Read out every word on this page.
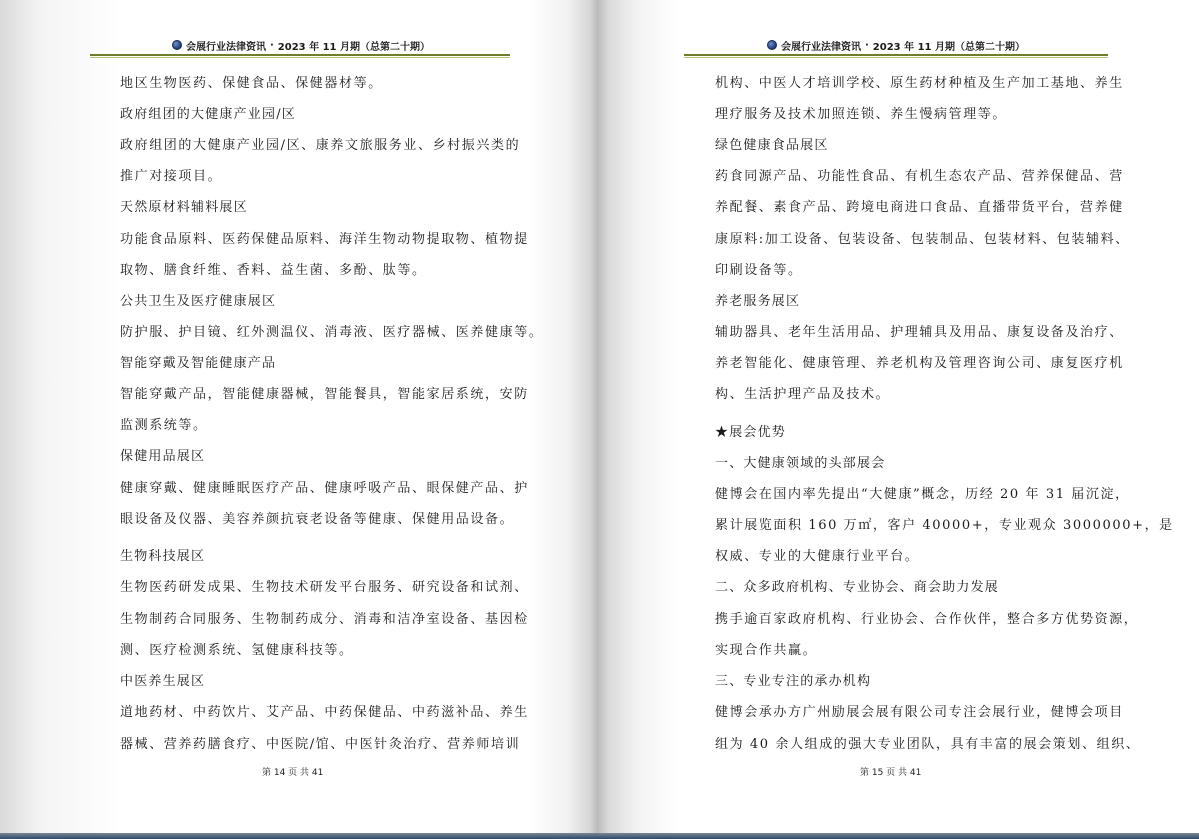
会展行业法律资讯 · 2023 年 11 月期（总第二十期）
地区生物医药、保健食品、保健器材等。
政府组团的大健康产业园/区
政府组团的大健康产业园/区、康养文旅服务业、乡村振兴类的
推广对接项目。
天然原材料辅料展区
功能食品原料、医药保健品原料、海洋生物动物提取物、植物提
取物、膳食纤维、香料、益生菌、多酚、肽等。
公共卫生及医疗健康展区
防护服、护目镜、红外测温仪、消毒液、医疗器械、医养健康等。
智能穿戴及智能健康产品
智能穿戴产品，智能健康器械，智能餐具，智能家居系统，安防
监测系统等。
保健用品展区
健康穿戴、健康睡眠医疗产品、健康呼吸产品、眼保健产品、护
眼设备及仪器、美容养颜抗衰老设备等健康、保健用品设备。
生物科技展区
生物医药研发成果、生物技术研发平台服务、研究设备和试剂、
生物制药合同服务、生物制药成分、消毒和洁净室设备、基因检
测、医疗检测系统、氢健康科技等。
中医养生展区
道地药材、中药饮片、艾产品、中药保健品、中药滋补品、养生
器械、营养药膳食疗、中医院/馆、中医针灸治疗、营养师培训
第 14 页 共 41
会展行业法律资讯 · 2023 年 11 月期（总第二十期）
机构、中医人才培训学校、原生药材种植及生产加工基地、养生
理疗服务及技术加照连锁、养生慢病管理等。
绿色健康食品展区
药食同源产品、功能性食品、有机生态农产品、营养保健品、营
养配餐、素食产品、跨境电商进口食品、直播带货平台，营养健
康原料:加工设备、包装设备、包装制品、包装材料、包装辅料、
印刷设备等。
养老服务展区
辅助器具、老年生活用品、护理辅具及用品、康复设备及治疗、
养老智能化、健康管理、养老机构及管理咨询公司、康复医疗机
构、生活护理产品及技术。
★展会优势
一、大健康领域的头部展会
健博会在国内率先提出“大健康”概念，历经 20 年 31 届沉淀，
累计展览面积 160 万㎡，客户 40000+，专业观众 3000000+，是
权威、专业的大健康行业平台。
二、众多政府机构、专业协会、商会助力发展
携手逾百家政府机构、行业协会、合作伙伴，整合多方优势资源，
实现合作共赢。
三、专业专注的承办机构
健博会承办方广州励展会展有限公司专注会展行业，健博会项目
组为 40 余人组成的强大专业团队，具有丰富的展会策划、组织、
第 15 页 共 41
